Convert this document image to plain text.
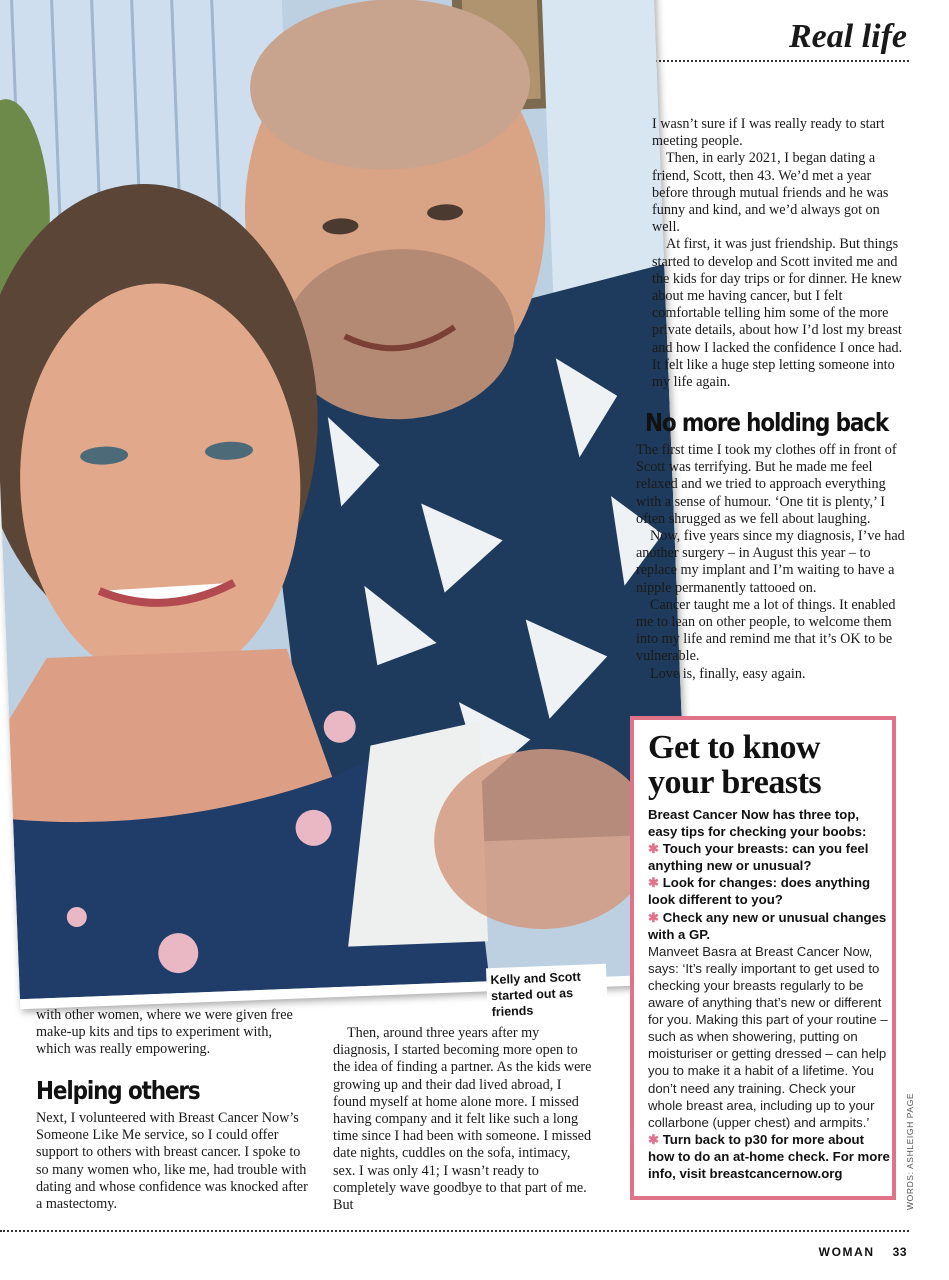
Real life
Kelly and Scott started out as friends

I wasn’t sure if I was really ready to start meeting people.

Then, in early 2021, I began dating a friend, Scott, then 43. We’d met a year before through mutual friends and he was funny and kind, and we’d always got on well.

At first, it was just friendship. But things started to develop and Scott invited me and the kids for day trips or for dinner. He knew about me having cancer, but I felt comfortable telling him some of the more private details, about how I’d lost my breast and how I lacked the confidence I once had. It felt like a huge step letting someone into my life again.

No more holding back

The first time I took my clothes off in front of Scott was terrifying. But he made me feel relaxed and we tried to approach everything with a sense of humour. ‘One tit is plenty,’ I often shrugged as we fell about laughing.

Now, five years since my diagnosis, I’ve had another surgery – in August this year – to replace my implant and I’m waiting to have a nipple permanently tattooed on.

Cancer taught me a lot of things. It enabled me to lean on other people, to welcome them into my life and remind me that it’s OK to be vulnerable.

Love is, finally, easy again.

with other women, where we were given free make-up kits and tips to experiment with, which was really empowering.

Helping others

Next, I volunteered with Breast Cancer Now’s Someone Like Me service, so I could offer support to others with breast cancer. I spoke to so many women who, like me, had trouble with dating and whose confidence was knocked after a mastectomy.

Then, around three years after my diagnosis, I started becoming more open to the idea of finding a partner. As the kids were growing up and their dad lived abroad, I found myself at home alone more. I missed having company and it felt like such a long time since I had been with someone. I missed date nights, cuddles on the sofa, intimacy, sex. I was only 41; I wasn’t ready to completely wave goodbye to that part of me. But

Get to know your breasts
Breast Cancer Now has three top, easy tips for checking your boobs:
✱ Touch your breasts: can you feel anything new or unusual?
✱ Look for changes: does anything look different to you?
✱ Check any new or unusual changes with a GP.
Manveet Basra at Breast Cancer Now, says: ‘It’s really important to get used to checking your breasts regularly to be aware of anything that’s new or different for you. Making this part of your routine – such as when showering, putting on moisturiser or getting dressed – can help you to make it a habit of a lifetime. You don’t need any training. Check your whole breast area, including up to your collarbone (upper chest) and armpits.’
✱ Turn back to p30 for more about how to do an at-home check. For more info, visit breastcancernow.org	WORDS: ASHLEIGH PAGE
WOMAN 33
